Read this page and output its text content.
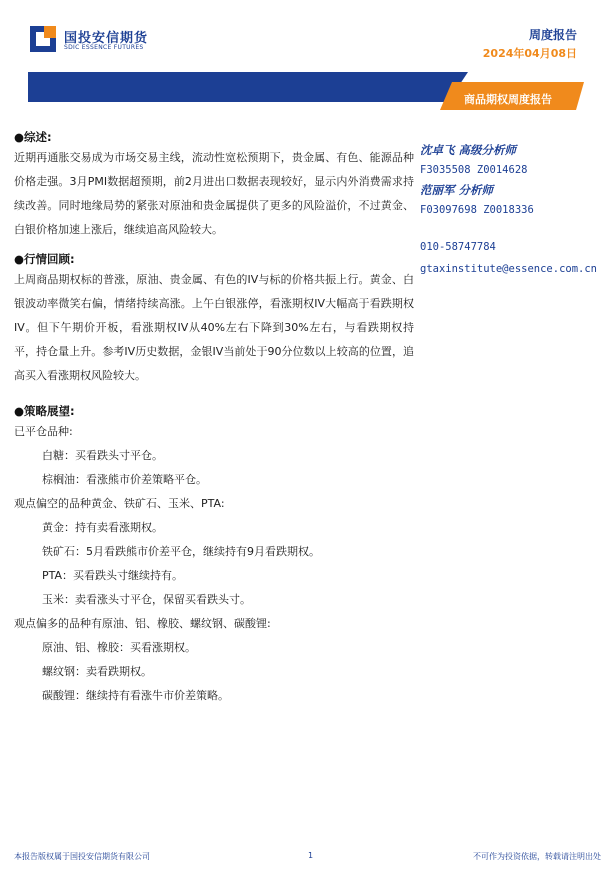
国投安信期货
SDIC ESSENCE FUTURES
周度报告
2024年04月08日
商品期权周度报告
●综述:
近期再通胀交易成为市场交易主线，流动性宽松预期下，贵金属、有色、能源品种价格走强。3月PMI数据超预期，前2月进出口数据表现较好，显示内外消费需求持续改善。同时地缘局势的紧张对原油和贵金属提供了更多的风险溢价，不过黄金、白银价格加速上涨后，继续追高风险较大。
●行情回顾:
上周商品期权标的普涨，原油、贵金属、有色的IV与标的价格共振上行。黄金、白银波动率微笑右偏，情绪持续高涨。上午白银涨停，看涨期权IV大幅高于看跌期权IV。但下午期价开板，看涨期权IV从40%左右下降到30%左右，与看跌期权持平，持仓量上升。参考IV历史数据，金银IV当前处于90分位数以上较高的位置，追高买入看涨期权风险较大。
●策略展望:
已平仓品种:
白糖：买看跌头寸平仓。
棕榈油：看涨熊市价差策略平仓。
观点偏空的品种黄金、铁矿石、玉米、PTA:
黄金：持有卖看涨期权。
铁矿石：5月看跌熊市价差平仓，继续持有9月看跌期权。
PTA：买看跌头寸继续持有。
玉米：卖看涨头寸平仓，保留买看跌头寸。
观点偏多的品种有原油、铝、橡胶、螺纹钢、碳酸锂:
原油、铝、橡胶：买看涨期权。
螺纹钢：卖看跌期权。
碳酸锂：继续持有看涨牛市价差策略。
沈卓飞 高级分析师
F3035508 Z0014628
范丽军 分析师
F03097698 Z0018336
010-58747784
gtaxinstitute@essence.com.cn
本报告版权属于国投安信期货有限公司	1	不可作为投资依据，转载请注明出处
